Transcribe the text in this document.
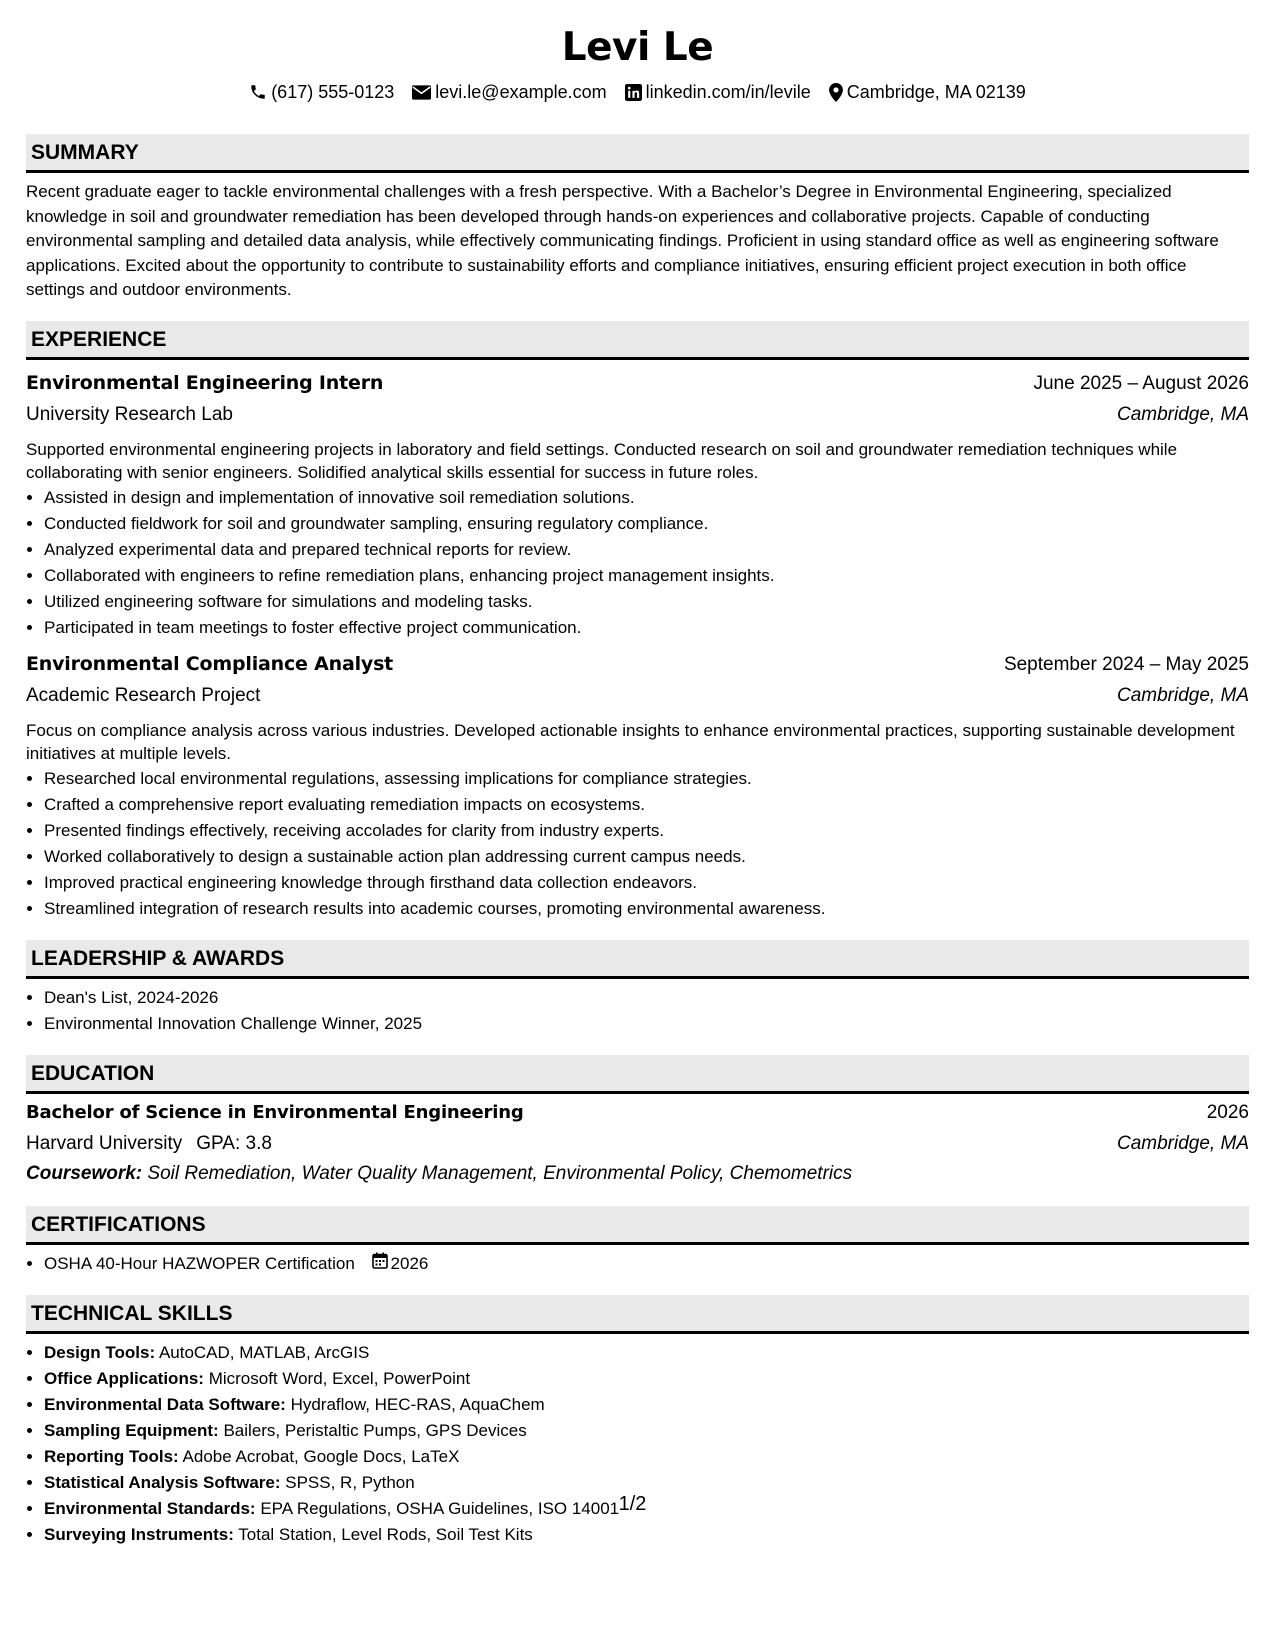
Levi Le
(617) 555-0123 levi.le@example.com linkedin.com/in/levile Cambridge, MA 02139
SUMMARY
Recent graduate eager to tackle environmental challenges with a fresh perspective. With a Bachelor’s Degree in Environmental Engineering, specialized knowledge in soil and groundwater remediation has been developed through hands-on experiences and collaborative projects. Capable of conducting environmental sampling and detailed data analysis, while effectively communicating findings. Proficient in using standard office as well as engineering software applications. Excited about the opportunity to contribute to sustainability efforts and compliance initiatives, ensuring efficient project execution in both office settings and outdoor environments.
EXPERIENCE
Environmental Engineering Intern	June 2025 – August 2026
University Research Lab	Cambridge, MA
Supported environmental engineering projects in laboratory and field settings. Conducted research on soil and groundwater remediation techniques while collaborating with senior engineers. Solidified analytical skills essential for success in future roles.
• Assisted in design and implementation of innovative soil remediation solutions.
• Conducted fieldwork for soil and groundwater sampling, ensuring regulatory compliance.
• Analyzed experimental data and prepared technical reports for review.
• Collaborated with engineers to refine remediation plans, enhancing project management insights.
• Utilized engineering software for simulations and modeling tasks.
• Participated in team meetings to foster effective project communication.
Environmental Compliance Analyst	September 2024 – May 2025
Academic Research Project	Cambridge, MA
Focus on compliance analysis across various industries. Developed actionable insights to enhance environmental practices, supporting sustainable development initiatives at multiple levels.
• Researched local environmental regulations, assessing implications for compliance strategies.
• Crafted a comprehensive report evaluating remediation impacts on ecosystems.
• Presented findings effectively, receiving accolades for clarity from industry experts.
• Worked collaboratively to design a sustainable action plan addressing current campus needs.
• Improved practical engineering knowledge through firsthand data collection endeavors.
• Streamlined integration of research results into academic courses, promoting environmental awareness.
LEADERSHIP & AWARDS
• Dean's List, 2024-2026
• Environmental Innovation Challenge Winner, 2025
EDUCATION
Bachelor of Science in Environmental Engineering	2026
Harvard University GPA: 3.8	Cambridge, MA
Coursework: Soil Remediation, Water Quality Management, Environmental Policy, Chemometrics
CERTIFICATIONS
• OSHA 40-Hour HAZWOPER Certification 2026
TECHNICAL SKILLS
• Design Tools: AutoCAD, MATLAB, ArcGIS
• Office Applications: Microsoft Word, Excel, PowerPoint
• Environmental Data Software: Hydraflow, HEC-RAS, AquaChem
• Sampling Equipment: Bailers, Peristaltic Pumps, GPS Devices
• Reporting Tools: Adobe Acrobat, Google Docs, LaTeX
• Statistical Analysis Software: SPSS, R, Python
• Environmental Standards: EPA Regulations, OSHA Guidelines, ISO 14001
• Surveying Instruments: Total Station, Level Rods, Soil Test Kits
1/2
